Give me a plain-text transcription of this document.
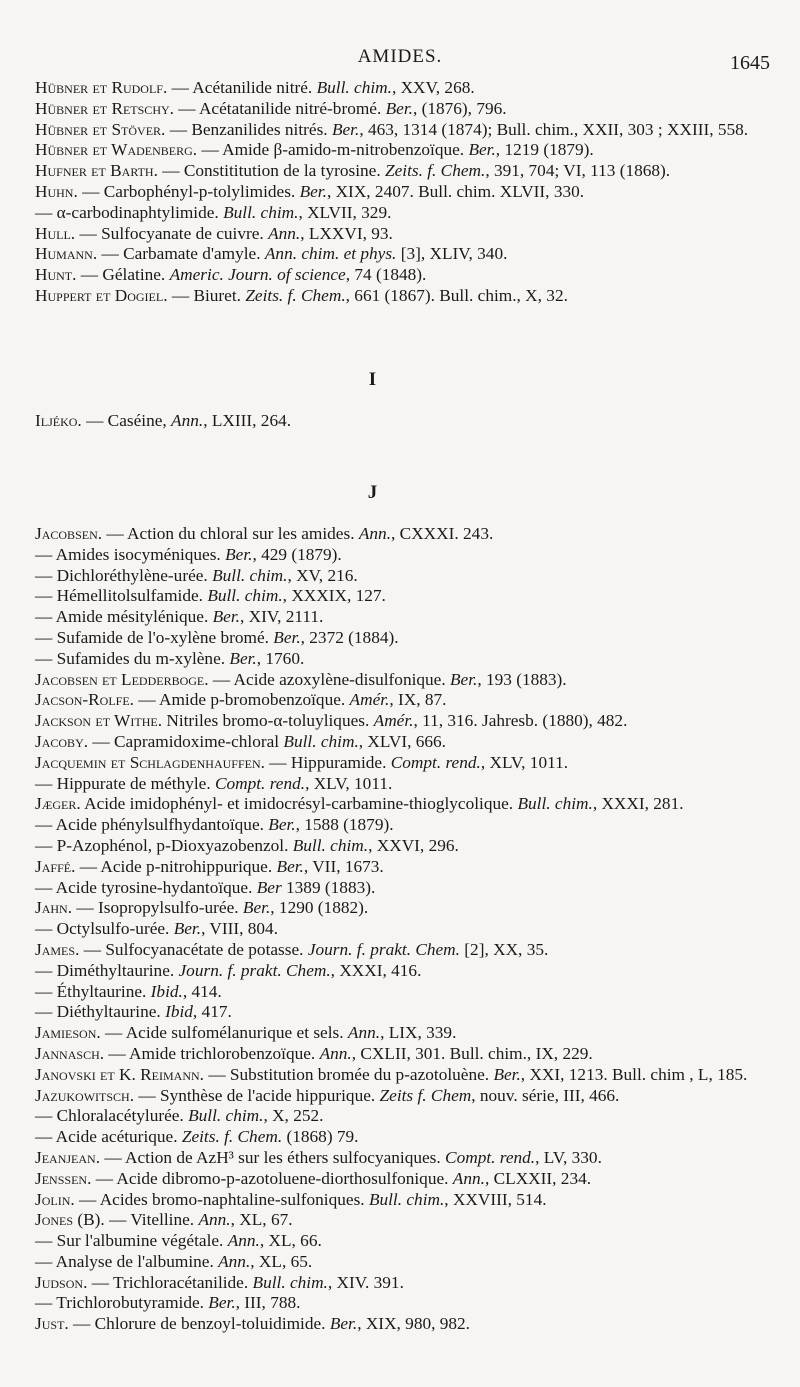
AMIDES.	1645
I
J
Hübner et Rudolf. — Acétanilide nitré. Bull. chim., XXV, 268.
Hübner et Retschy. — Acétatanilide nitré-bromé. Ber., (1876), 796.
Hübner et Stöver. — Benzanilides nitrés. Ber., 463, 1314 (1874); Bull. chim., XXII, 303 ; XXIII, 558.
Hübner et Wadenberg. — Amide β-amido-m-nitrobenzoïque. Ber., 1219 (1879).
Hufner et Barth. — Constititution de la tyrosine. Zeits. f. Chem., 391, 704; VI, 113 (1868).
Huhn. — Carbophényl-p-tolylimides. Ber., XIX, 2407. Bull. chim. XLVII, 330.
— α-carbodinaphtylimide. Bull. chim., XLVII, 329.
Hull. — Sulfocyanate de cuivre. Ann., LXXVI, 93.
Humann. — Carbamate d'amyle. Ann. chim. et phys. [3], XLIV, 340.
Hunt. — Gélatine. Americ. Journ. of science, 74 (1848).
Huppert et Dogiel. — Biuret. Zeits. f. Chem., 661 (1867). Bull. chim., X, 32.
Iljéko. — Caséine, Ann., LXIII, 264.
Jacobsen. — Action du chloral sur les amides. Ann., CXXXI. 243.
— Amides isocyméniques. Ber., 429 (1879).
— Dichloréthylène-urée. Bull. chim., XV, 216.
— Hémellitolsulfamide. Bull. chim., XXXIX, 127.
— Amide mésitylénique. Ber., XIV, 2111.
— Sufamide de l'o-xylène bromé. Ber., 2372 (1884).
— Sufamides du m-xylène. Ber., 1760.
Jacobsen et Ledderboge. — Acide azoxylène-disulfonique. Ber., 193 (1883).
Jacson-Rolfe. — Amide p-bromobenzoïque. Amér., IX, 87.
Jackson et Withe. Nitriles bromo-α-toluyliques. Amér., 11, 316. Jahresb. (1880), 482.
Jacoby. — Capramidoxime-chloral Bull. chim., XLVI, 666.
Jacquemin et Schlagdenhauffen. — Hippuramide. Compt. rend., XLV, 1011.
— Hippurate de méthyle. Compt. rend., XLV, 1011.
Jæger. Acide imidophényl- et imidocrésyl-carbamine-thioglycolique. Bull. chim., XXXI, 281.
— Acide phénylsulfhydantoïque. Ber., 1588 (1879).
— P-Azophénol, p-Dioxyazobenzol. Bull. chim., XXVI, 296.
Jaffé. — Acide p-nitrohippurique. Ber., VII, 1673.
— Acide tyrosine-hydantoïque. Ber 1389 (1883).
Jahn. — Isopropylsulfo-urée. Ber., 1290 (1882).
— Octylsulfo-urée. Ber., VIII, 804.
James. — Sulfocyanacétate de potasse. Journ. f. prakt. Chem. [2], XX, 35.
— Diméthyltaurine. Journ. f. prakt. Chem., XXXI, 416.
— Éthyltaurine. Ibid., 414.
— Diéthyltaurine. Ibid, 417.
Jamieson. — Acide sulfomélanurique et sels. Ann., LIX, 339.
Jannasch. — Amide trichlorobenzoïque. Ann., CXLII, 301. Bull. chim., IX, 229.
Janovski et K. Reimann. — Substitution bromée du p-azotoluène. Ber., XXI, 1213. Bull. chim , L, 185.
Jazukowitsch. — Synthèse de l'acide hippurique. Zeits f. Chem, nouv. série, III, 466.
— Chloralacétylurée. Bull. chim., X, 252.
— Acide acéturique. Zeits. f. Chem. (1868) 79.
Jeanjean. — Action de AzH³ sur les éthers sulfocyaniques. Compt. rend., LV, 330.
Jenssen. — Acide dibromo-p-azotoluene-diorthosulfonique. Ann., CLXXII, 234.
Jolin. — Acides bromo-naphtaline-sulfoniques. Bull. chim., XXVIII, 514.
Jones (B). — Vitelline. Ann., XL, 67.
— Sur l'albumine végétale. Ann., XL, 66.
— Analyse de l'albumine. Ann., XL, 65.
Judson. — Trichloracétanilide. Bull. chim., XIV. 391.
— Trichlorobutyramide. Ber., III, 788.
Just. — Chlorure de benzoyl-toluidimide. Ber., XIX, 980, 982.
